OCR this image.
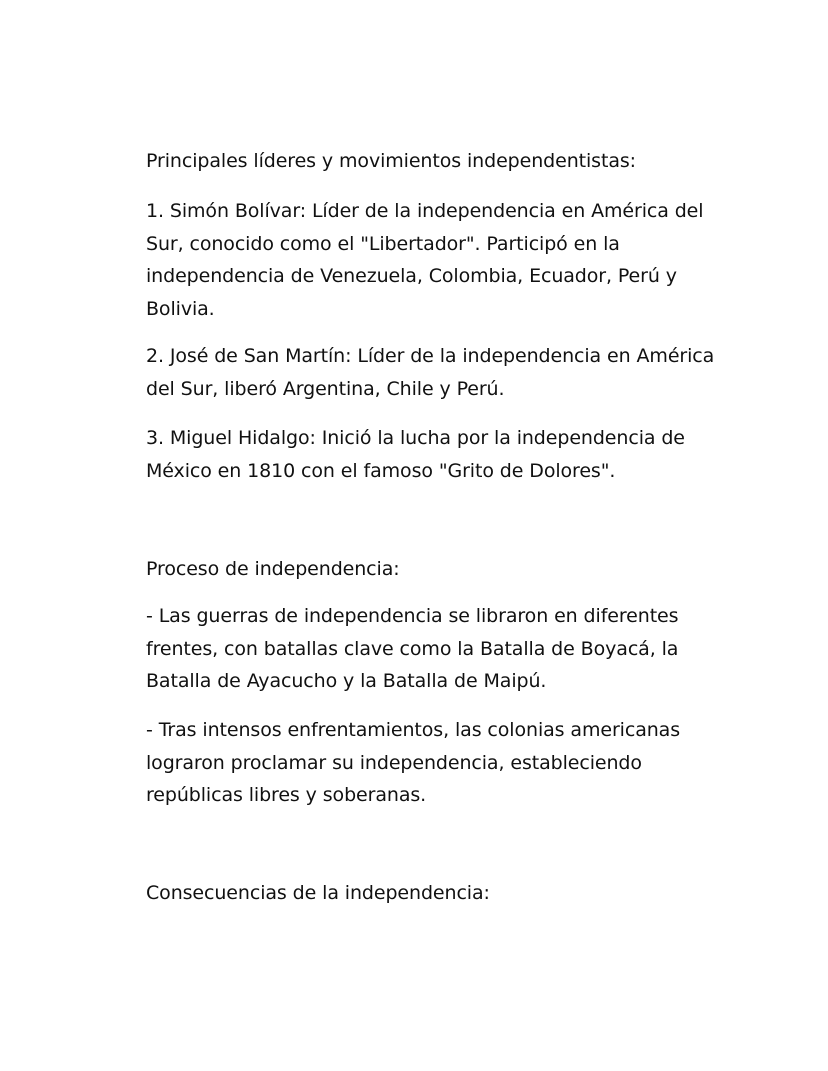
Principales líderes y movimientos independentistas:

1. Simón Bolívar: Líder de la independencia en América del
Sur, conocido como el "Libertador". Participó en la
independencia de Venezuela, Colombia, Ecuador, Perú y
Bolivia.

2. José de San Martín: Líder de la independencia en América
del Sur, liberó Argentina, Chile y Perú.

3. Miguel Hidalgo: Inició la lucha por la independencia de
México en 1810 con el famoso "Grito de Dolores".

Proceso de independencia:

- Las guerras de independencia se libraron en diferentes
frentes, con batallas clave como la Batalla de Boyacá, la
Batalla de Ayacucho y la Batalla de Maipú.

- Tras intensos enfrentamientos, las colonias americanas
lograron proclamar su independencia, estableciendo
repúblicas libres y soberanas.

Consecuencias de la independencia:
